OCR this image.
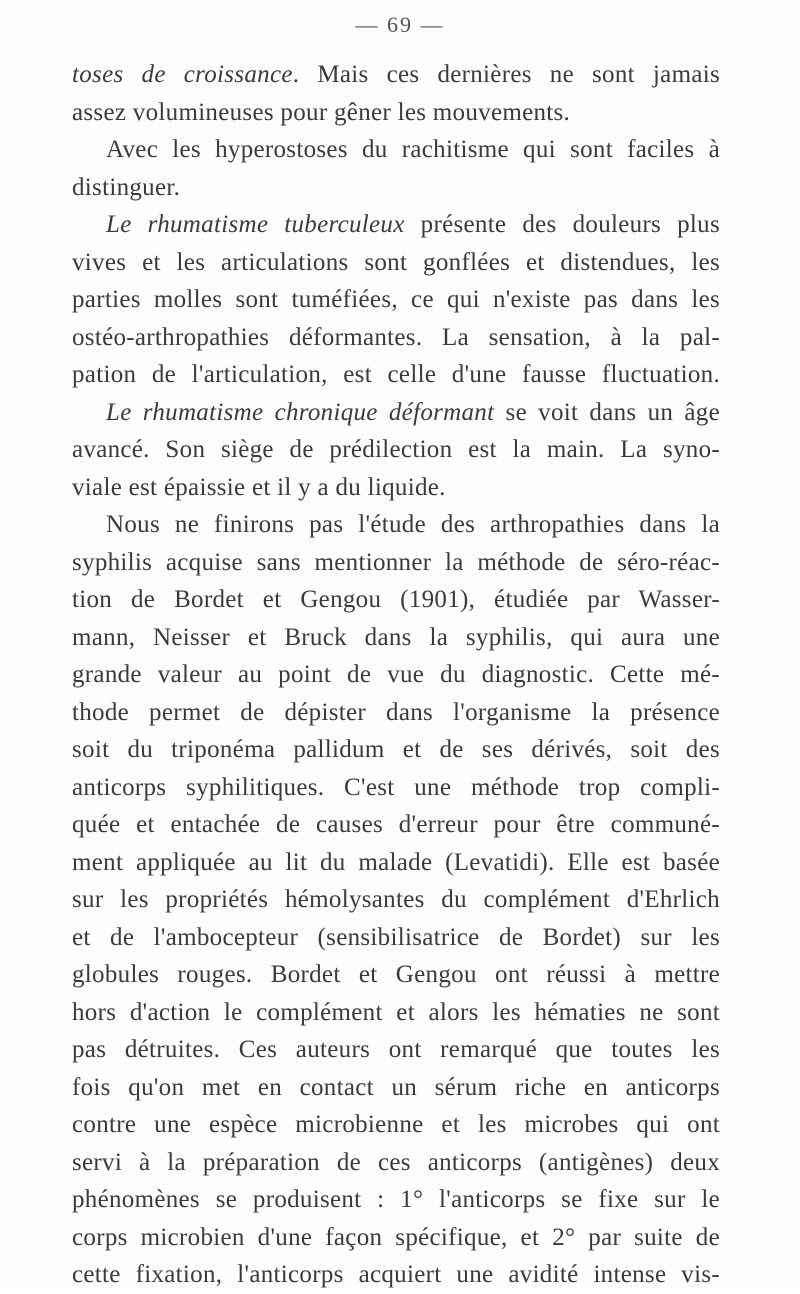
— 69 —
toses de croissance. Mais ces dernières ne sont jamais
assez volumineuses pour gêner les mouvements.
Avec les hyperostoses du rachitisme qui sont faciles à
distinguer.
Le rhumatisme tuberculeux présente des douleurs plus
vives et les articulations sont gonflées et distendues, les
parties molles sont tuméfiées, ce qui n'existe pas dans les
ostéo-arthropathies déformantes. La sensation, à la pal-
pation de l'articulation, est celle d'une fausse fluctuation.
Le rhumatisme chronique déformant se voit dans un âge
avancé. Son siège de prédilection est la main. La syno-
viale est épaissie et il y a du liquide.
Nous ne finirons pas l'étude des arthropathies dans la
syphilis acquise sans mentionner la méthode de séro-réac-
tion de Bordet et Gengou (1901), étudiée par Wasser-
mann, Neisser et Bruck dans la syphilis, qui aura une
grande valeur au point de vue du diagnostic. Cette mé-
thode permet de dépister dans l'organisme la présence
soit du triponéma pallidum et de ses dérivés, soit des
anticorps syphilitiques. C'est une méthode trop compli-
quée et entachée de causes d'erreur pour être communé-
ment appliquée au lit du malade (Levatidi). Elle est basée
sur les propriétés hémolysantes du complément d'Ehrlich
et de l'ambocepteur (sensibilisatrice de Bordet) sur les
globules rouges. Bordet et Gengou ont réussi à mettre
hors d'action le complément et alors les hématies ne sont
pas détruites. Ces auteurs ont remarqué que toutes les
fois qu'on met en contact un sérum riche en anticorps
contre une espèce microbienne et les microbes qui ont
servi à la préparation de ces anticorps (antigènes) deux
phénomènes se produisent : 1° l'anticorps se fixe sur le
corps microbien d'une façon spécifique, et 2° par suite de
cette fixation, l'anticorps acquiert une avidité intense vis-
